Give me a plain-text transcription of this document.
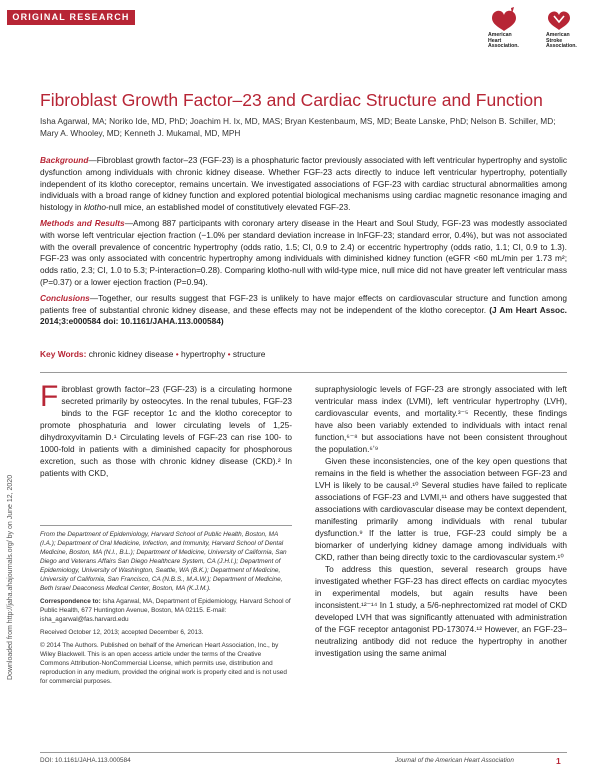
ORIGINAL RESEARCH
American
Heart
Association.
American
Stroke
Association.
Fibroblast Growth Factor–23 and Cardiac Structure and Function
Isha Agarwal, MA; Noriko Ide, MD, PhD; Joachim H. Ix, MD, MAS; Bryan Kestenbaum, MS, MD; Beate Lanske, PhD; Nelson B. Schiller, MD; Mary A. Whooley, MD; Kenneth J. Mukamal, MD, MPH

Background—Fibroblast growth factor–23 (FGF-23) is a phosphaturic factor previously associated with left ventricular hypertrophy and systolic dysfunction among individuals with chronic kidney disease. Whether FGF-23 acts directly to induce left ventricular hypertrophy, potentially independent of its klotho coreceptor, remains uncertain. We investigated associations of FGF-23 with cardiac structural abnormalities among individuals with a broad range of kidney function and explored potential biological mechanisms using cardiac magnetic resonance imaging and histology in klotho-null mice, an established model of constitutively elevated FGF-23.

Methods and Results—Among 887 participants with coronary artery disease in the Heart and Soul Study, FGF-23 was modestly associated with worse left ventricular ejection fraction (−1.0% per standard deviation increase in lnFGF-23; standard error, 0.4%), but was not associated with the overall prevalence of concentric hypertrophy (odds ratio, 1.5; CI, 0.9 to 2.4) or eccentric hypertrophy (odds ratio, 1.1; CI, 0.9 to 1.3). FGF-23 was only associated with concentric hypertrophy among individuals with diminished kidney function (eGFR <60 mL/min per 1.73 m²; odds ratio, 2.3; CI, 1.0 to 5.3; P-interaction=0.28). Comparing klotho-null with wild-type mice, null mice did not have greater left ventricular mass (P=0.37) or a lower ejection fraction (P=0.94).

Conclusions—Together, our results suggest that FGF-23 is unlikely to have major effects on cardiovascular structure and function among patients free of substantial chronic kidney disease, and these effects may not be independent of the klotho coreceptor. (J Am Heart Assoc. 2014;3:e000584 doi: 10.1161/JAHA.113.000584)

Key Words: chronic kidney disease • hypertrophy • structure
Downloaded from http://jaha.ahajournals.org/ by on June 12, 2020

Fibroblast growth factor–23 (FGF-23) is a circulating hormone secreted primarily by osteocytes. In the renal tubules, FGF-23 binds to the FGF receptor 1c and the klotho coreceptor to promote phosphaturia and lower circulating levels of 1,25-dihydroxyvitamin D.¹ Circulating levels of FGF-23 can rise 100- to 1000-fold in patients with a diminished capacity for phosphorous excretion, such as those with chronic kidney disease (CKD).² In patients with CKD,

From the Department of Epidemiology, Harvard School of Public Health, Boston, MA (I.A.); Department of Oral Medicine, Infection, and Immunity, Harvard School of Dental Medicine, Boston, MA (N.I., B.L.); Department of Medicine, University of California, San Diego and Veterans Affairs San Diego Healthcare System, CA (J.H.I.); Department of Epidemiology, University of Washington, Seattle, WA (B.K.); Department of Medicine, University of California, San Francisco, CA (N.B.S., M.A.W.); Department of Medicine, Beth Israel Deaconess Medical Center, Boston, MA (K.J.M.).

Correspondence to: Isha Agarwal, MA, Department of Epidemiology, Harvard School of Public Health, 677 Huntington Avenue, Boston, MA 02115. E-mail: isha_agarwal@fas.harvard.edu

Received October 12, 2013; accepted December 6, 2013.

© 2014 The Authors. Published on behalf of the American Heart Association, Inc., by Wiley Blackwell. This is an open access article under the terms of the Creative Commons Attribution-NonCommercial License, which permits use, distribution and reproduction in any medium, provided the original work is properly cited and is not used for commercial purposes.

supraphysiologic levels of FGF-23 are strongly associated with left ventricular mass index (LVMI), left ventricular hypertrophy (LVH), cardiovascular events, and mortality.³⁻⁵ Recently, these findings have also been variably extended to individuals with intact renal function,⁶⁻⁸ but associations have not been consistent throughout the population.⁶ʼ⁹

Given these inconsistencies, one of the key open questions that remains in the field is whether the association between FGF-23 and LVH is likely to be causal.¹⁰ Several studies have failed to replicate associations of FGF-23 and LVMI,¹¹ and others have suggested that associations with cardiovascular disease may be context dependent, manifesting primarily among individuals with renal tubular dysfunction.⁹ If the latter is true, FGF-23 could simply be a biomarker of underlying kidney damage among individuals with CKD, rather than being directly toxic to the cardiovascular system.¹⁰

To address this question, several research groups have investigated whether FGF-23 has direct effects on cardiac myocytes in experimental models, but again results have been inconsistent.¹²⁻¹⁴ In 1 study, a 5/6-nephrectomized rat model of CKD developed LVH that was significantly attenuated with administration of the FGF receptor antagonist PD-173074.¹² However, an FGF-23–neutralizing antibody did not reduce the hypertrophy in another investigation using the same animal

DOI: 10.1161/JAHA.113.000584	Journal of the American Heart Association	1
